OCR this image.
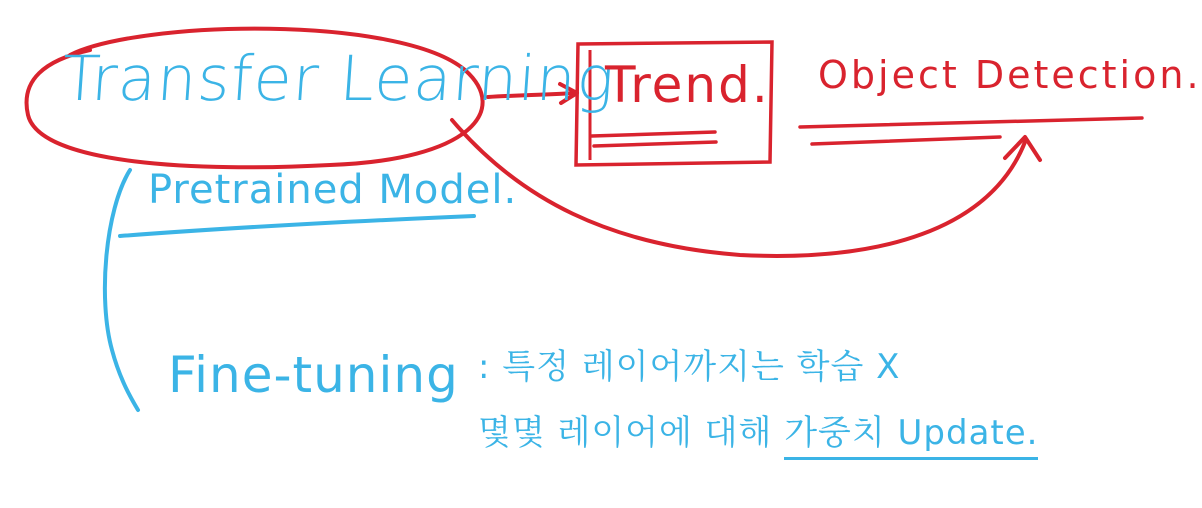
Transfer Learning
Trend. Object Detection.
Pretrained Model.
Fine-tuning : 특정 레이어까지는 학습 X
몇몇 레이어에 대해 가중치 Update.
